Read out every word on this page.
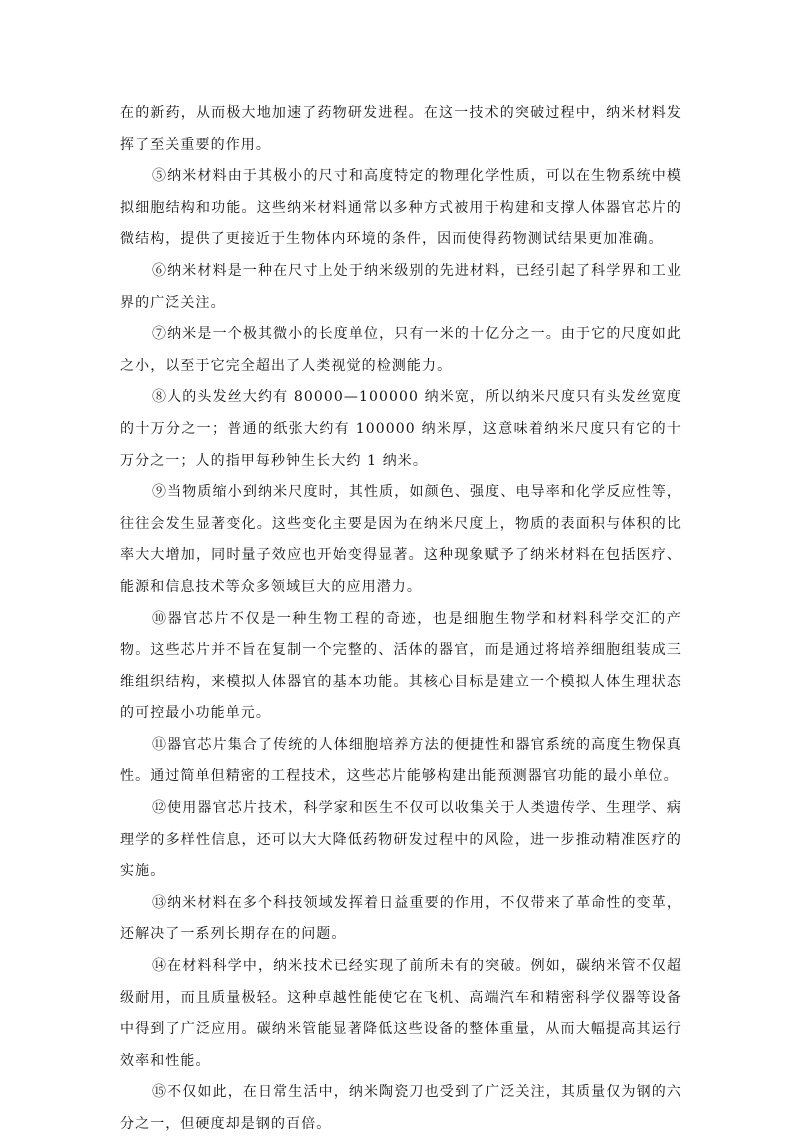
在的新药，从而极大地加速了药物研发进程。在这一技术的突破过程中，纳米材料发挥了至关重要的作用。

⑤纳米材料由于其极小的尺寸和高度特定的物理化学性质，可以在生物系统中模拟细胞结构和功能。这些纳米材料通常以多种方式被用于构建和支撑人体器官芯片的微结构，提供了更接近于生物体内环境的条件，因而使得药物测试结果更加准确。

⑥纳米材料是一种在尺寸上处于纳米级别的先进材料，已经引起了科学界和工业界的广泛关注。

⑦纳米是一个极其微小的长度单位，只有一米的十亿分之一。由于它的尺度如此之小，以至于它完全超出了人类视觉的检测能力。

⑧人的头发丝大约有 80000—100000 纳米宽，所以纳米尺度只有头发丝宽度的十万分之一；普通的纸张大约有 100000 纳米厚，这意味着纳米尺度只有它的十万分之一；人的指甲每秒钟生长大约 1 纳米。

⑨当物质缩小到纳米尺度时，其性质，如颜色、强度、电导率和化学反应性等，往往会发生显著变化。这些变化主要是因为在纳米尺度上，物质的表面积与体积的比率大大增加，同时量子效应也开始变得显著。这种现象赋予了纳米材料在包括医疗、能源和信息技术等众多领域巨大的应用潜力。

⑩器官芯片不仅是一种生物工程的奇迹，也是细胞生物学和材料科学交汇的产物。这些芯片并不旨在复制一个完整的、活体的器官，而是通过将培养细胞组装成三维组织结构，来模拟人体器官的基本功能。其核心目标是建立一个模拟人体生理状态的可控最小功能单元。

⑪器官芯片集合了传统的人体细胞培养方法的便捷性和器官系统的高度生物保真性。通过简单但精密的工程技术，这些芯片能够构建出能预测器官功能的最小单位。

⑫使用器官芯片技术，科学家和医生不仅可以收集关于人类遗传学、生理学、病理学的多样性信息，还可以大大降低药物研发过程中的风险，进一步推动精准医疗的实施。

⑬纳米材料在多个科技领域发挥着日益重要的作用，不仅带来了革命性的变革，还解决了一系列长期存在的问题。

⑭在材料科学中，纳米技术已经实现了前所未有的突破。例如，碳纳米管不仅超级耐用，而且质量极轻。这种卓越性能使它在飞机、高端汽车和精密科学仪器等设备中得到了广泛应用。碳纳米管能显著降低这些设备的整体重量，从而大幅提高其运行效率和性能。

⑮不仅如此，在日常生活中，纳米陶瓷刀也受到了广泛关注，其质量仅为钢的六分之一，但硬度却是钢的百倍。
